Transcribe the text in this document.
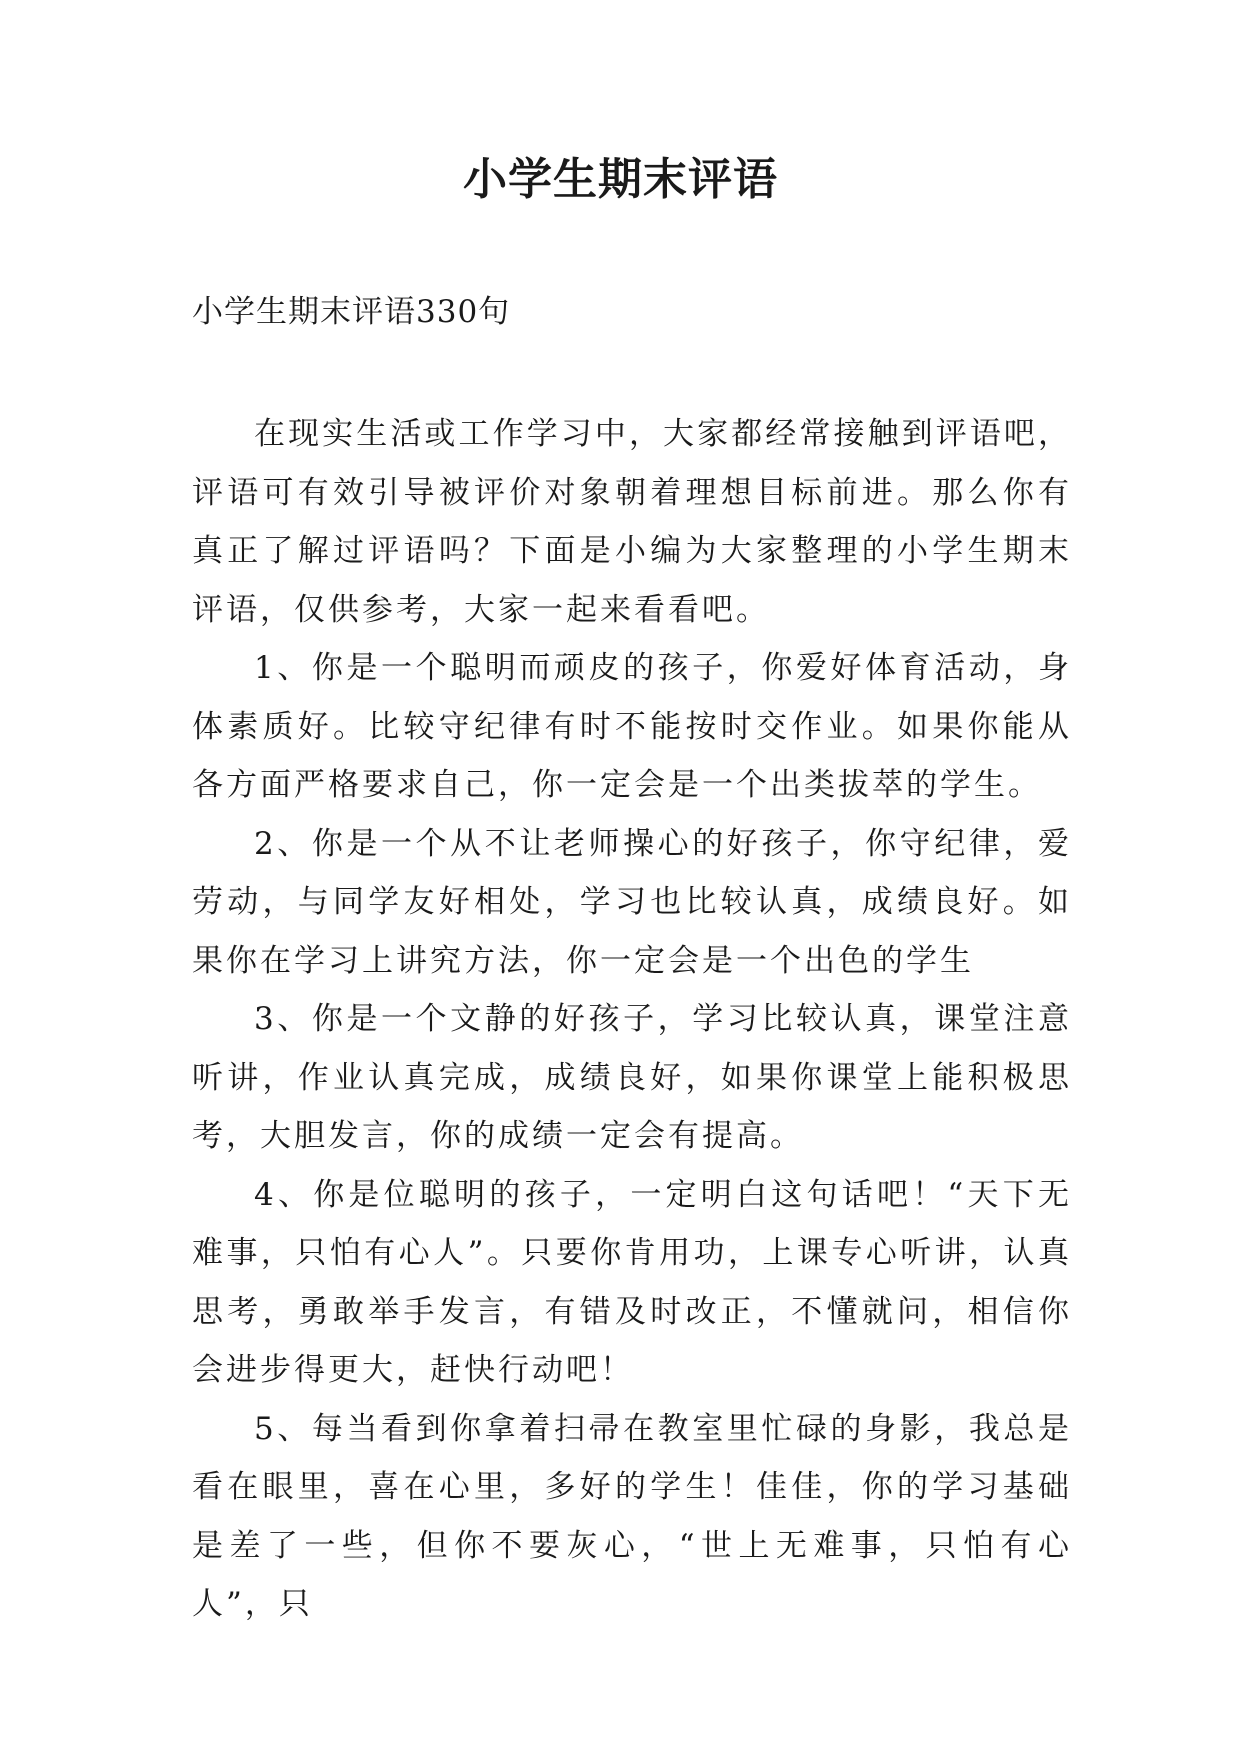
小学生期末评语

小学生期末评语330句

在现实生活或工作学习中，大家都经常接触到评语吧，评语可有效引导被评价对象朝着理想目标前进。那么你有真正了解过评语吗？下面是小编为大家整理的小学生期末评语，仅供参考，大家一起来看看吧。

1、你是一个聪明而顽皮的孩子，你爱好体育活动，身体素质好。比较守纪律有时不能按时交作业。如果你能从各方面严格要求自己，你一定会是一个出类拔萃的学生。

2、你是一个从不让老师操心的好孩子，你守纪律，爱劳动，与同学友好相处，学习也比较认真，成绩良好。如果你在学习上讲究方法，你一定会是一个出色的学生

3、你是一个文静的好孩子，学习比较认真，课堂注意听讲，作业认真完成，成绩良好，如果你课堂上能积极思考，大胆发言，你的成绩一定会有提高。

4、你是位聪明的孩子，一定明白这句话吧！“天下无难事，只怕有心人”。只要你肯用功，上课专心听讲，认真思考，勇敢举手发言，有错及时改正，不懂就问，相信你会进步得更大，赶快行动吧！

5、每当看到你拿着扫帚在教室里忙碌的身影，我总是看在眼里，喜在心里，多好的学生！佳佳，你的学习基础是差了一些，但你不要灰心，“世上无难事，只怕有心人”，只
